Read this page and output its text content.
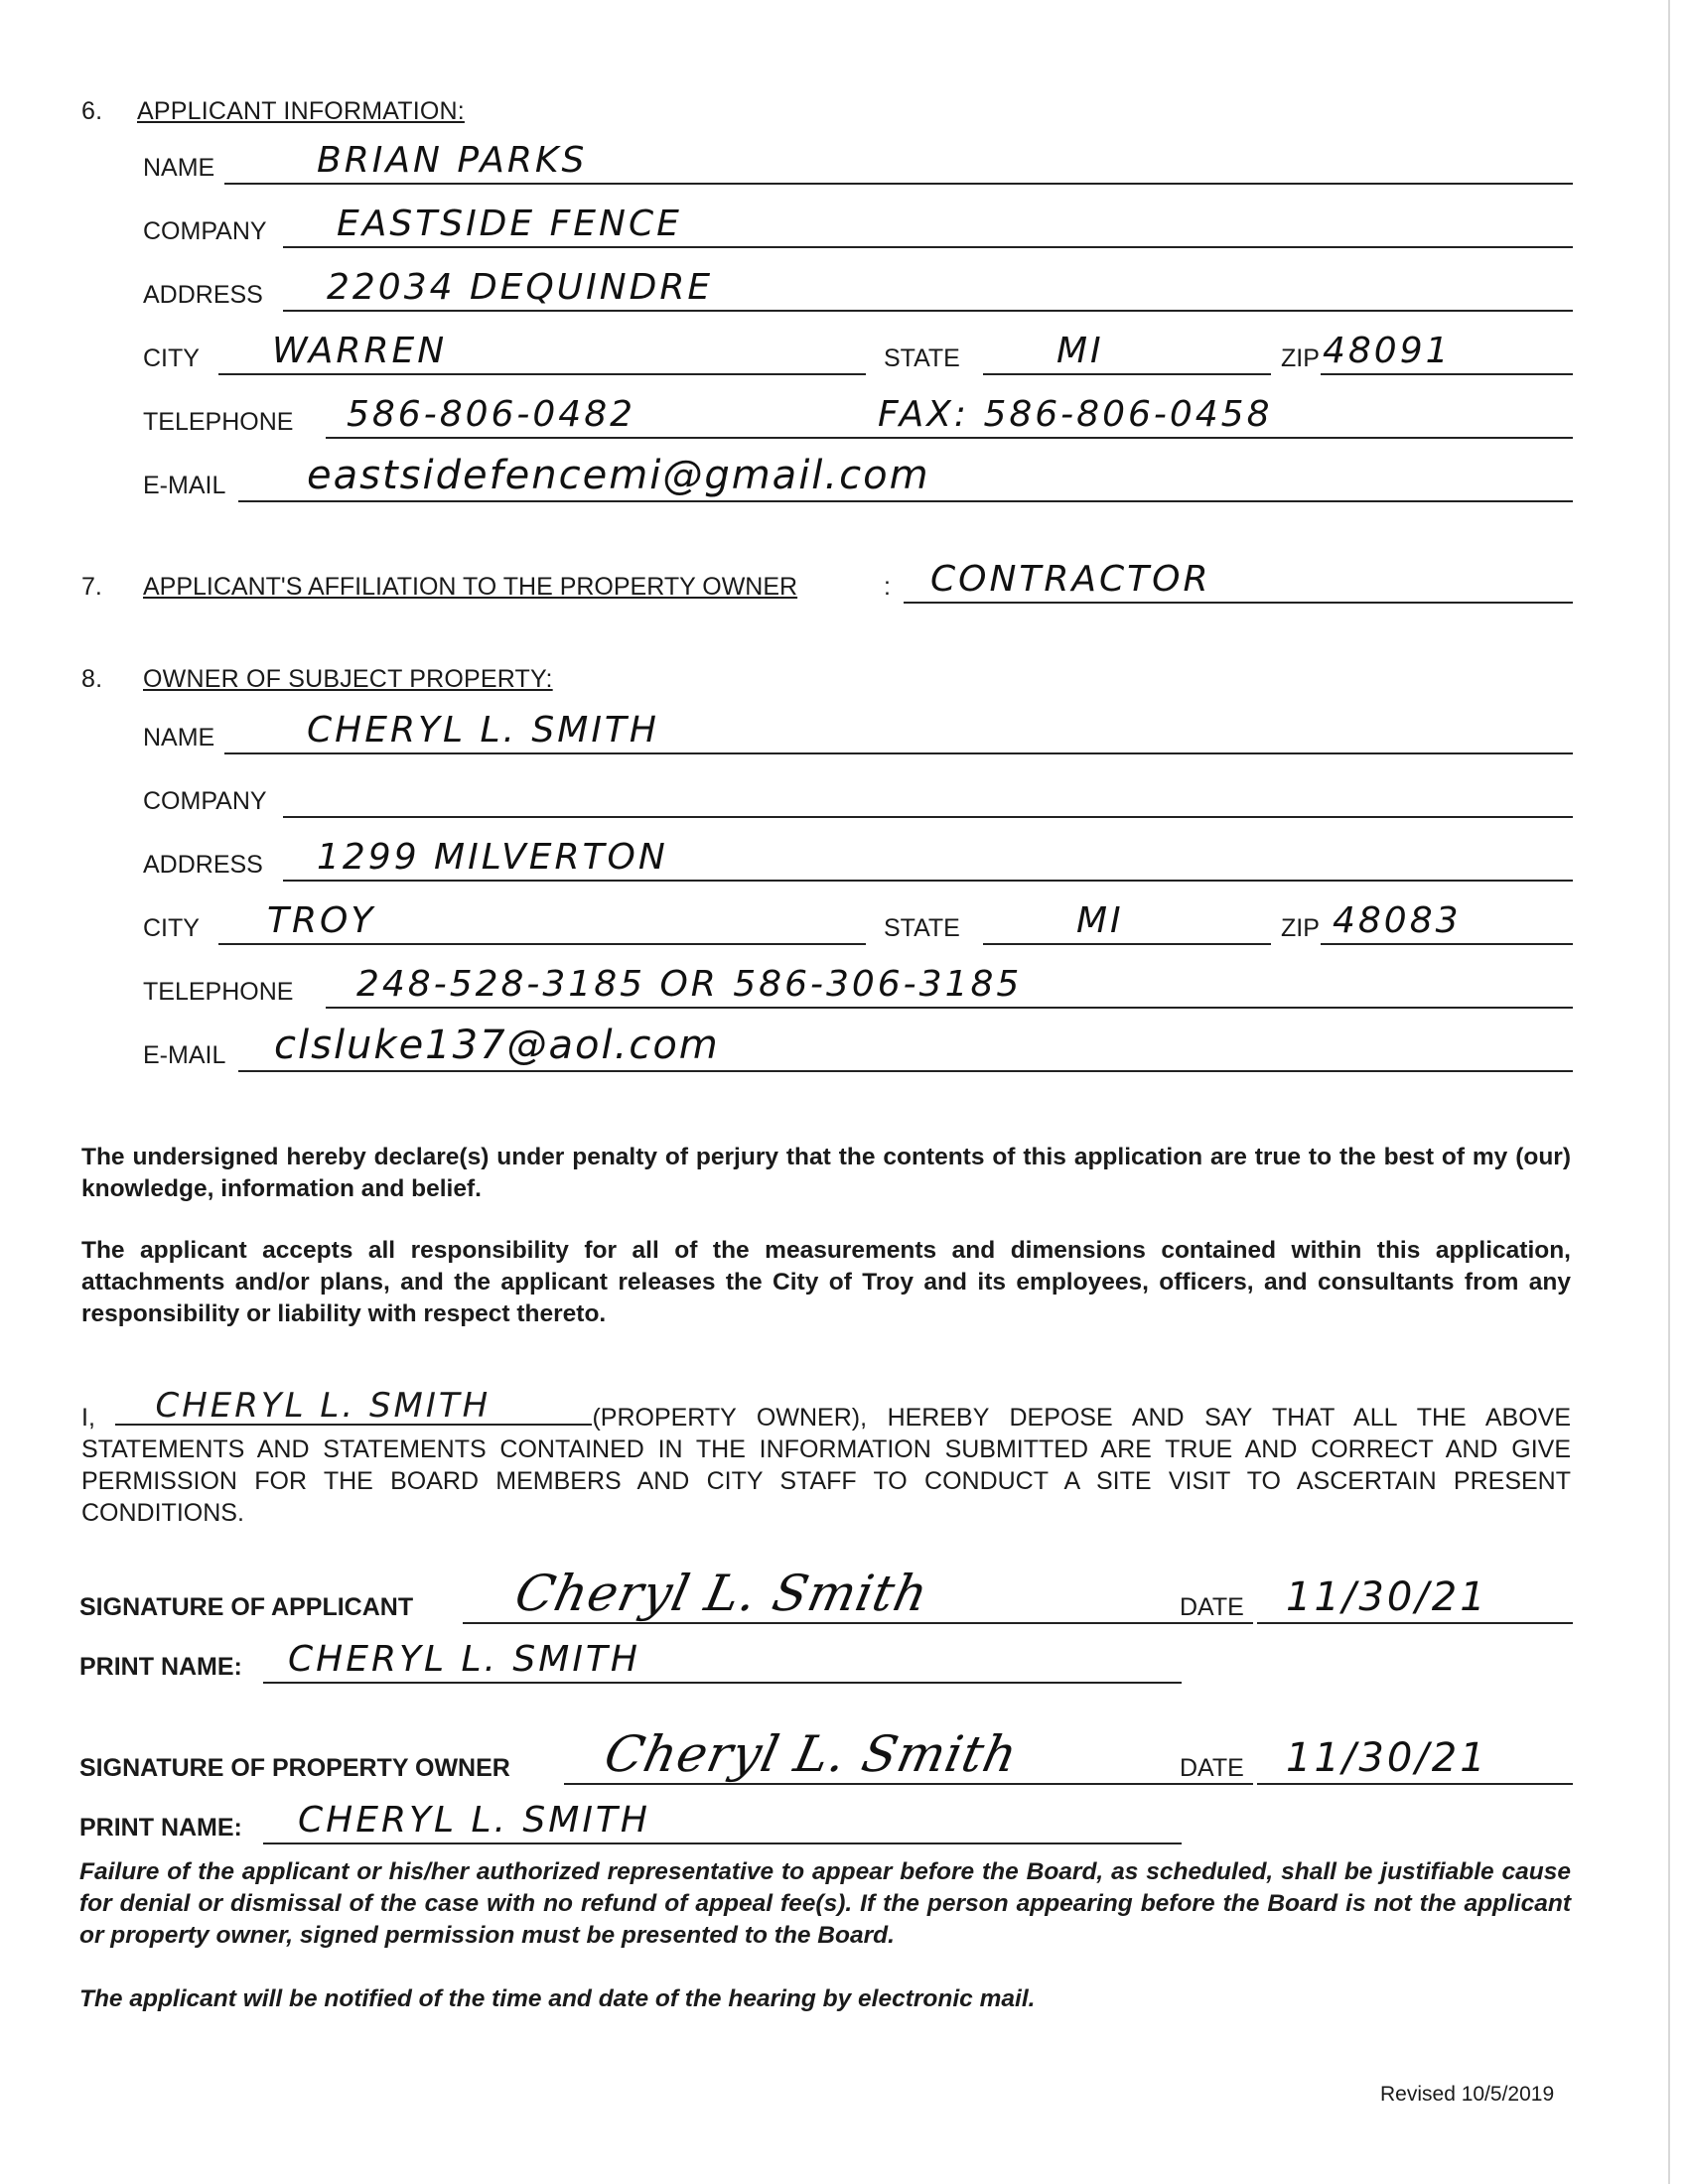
6. APPLICANT INFORMATION:
NAME	BRIAN PARKS
COMPANY EASTSIDE FENCE
ADDRESS 22034 DEQUINDRE
CITY WARREN	STATE	MI	ZIP 48091
TELEPHONE 586-806-0482	FAX: 586-806-0458
E-MAIL eastsidefencemi@gmail.com
7. APPLICANT'S AFFILIATION TO THE PROPERTY OWNER	: CONTRACTOR
8. OWNER OF SUBJECT PROPERTY:
NAME	CHERYL L. SMITH
COMPANY
ADDRESS 1299 MILVERTON
CITY TROY	STATE	MI	ZIP 48083
TELEPHONE 248-528-3185 OR 586-306-3185
E-MAIL clsluke137@aol.com
The undersigned hereby declare(s) under penalty of perjury that the contents of this application are true to the best of my (our) knowledge, information and belief.
The applicant accepts all responsibility for all of the measurements and dimensions contained within this application, attachments and/or plans, and the applicant releases the City of Troy and its employees, officers, and consultants from any responsibility or liability with respect thereto.
I, CHERYL L. SMITH	(PROPERTY OWNER), HEREBY DEPOSE AND SAY THAT ALL THE ABOVE STATEMENTS AND STATEMENTS CONTAINED IN THE INFORMATION SUBMITTED ARE TRUE AND CORRECT AND GIVE PERMISSION FOR THE BOARD MEMBERS AND CITY STAFF TO CONDUCT A SITE VISIT TO ASCERTAIN PRESENT CONDITIONS.
SIGNATURE OF APPLICANT Cheryl L. Smith	DATE 11/30/21
PRINT NAME: CHERYL L. SMITH
SIGNATURE OF PROPERTY OWNER Cheryl L. Smith	DATE 11/30/21
PRINT NAME: CHERYL L. SMITH
Failure of the applicant or his/her authorized representative to appear before the Board, as scheduled, shall be justifiable cause for denial or dismissal of the case with no refund of appeal fee(s). If the person appearing before the Board is not the applicant or property owner, signed permission must be presented to the Board.
The applicant will be notified of the time and date of the hearing by electronic mail.
Revised 10/5/2019
